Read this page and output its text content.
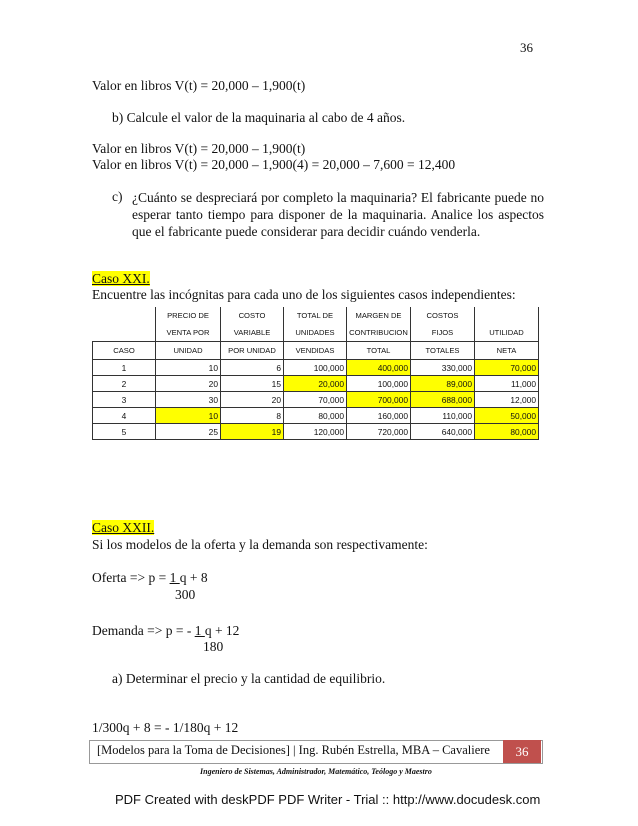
36
Valor en libros V(t) = 20,000 – 1,900(t)
b) Calcule el valor de la maquinaria al cabo de 4 años.
Valor en libros V(t) = 20,000 – 1,900(t)
Valor en libros V(t) = 20,000 – 1,900(4) = 20,000 – 7,600 = 12,400
c) ¿Cuánto se despreciará por completo la maquinaria? El fabricante puede no esperar tanto tiempo para disponer de la maquinaria. Analice los aspectos que el fabricante puede considerar para decidir cuándo venderla.
Caso XXI.
Encuentre las incógnitas para cada uno de los siguientes casos independientes:
	PRECIO DE	COSTO	TOTAL DE	MARGEN DE	COSTOS	
	VENTA POR	VARIABLE	UNIDADES	CONTRIBUCION	FIJOS	UTILIDAD
CASO	UNIDAD	POR UNIDAD	VENDIDAS	TOTAL	TOTALES	NETA
1	10	6	100,000	400,000	330,000	70,000
2	20	15	20,000	100,000	89,000	11,000
3	30	20	70,000	700,000	688,000	12,000
4	10	8	80,000	160,000	110,000	50,000
5	25	19	120,000	720,000	640,000	80,000
Caso XXII.
Si los modelos de la oferta y la demanda son respectivamente:
Oferta => p = 1 q + 8
300
Demanda => p = - 1 q + 12
180
a) Determinar el precio y la cantidad de equilibrio.
1/300q + 8 = - 1/180q + 12
[Modelos para la Toma de Decisiones] | Ing. Rubén Estrella, MBA – Cavaliere	36
Ingeniero de Sistemas, Administrador, Matemático, Teólogo y Maestro
PDF Created with deskPDF PDF Writer - Trial :: http://www.docudesk.com
